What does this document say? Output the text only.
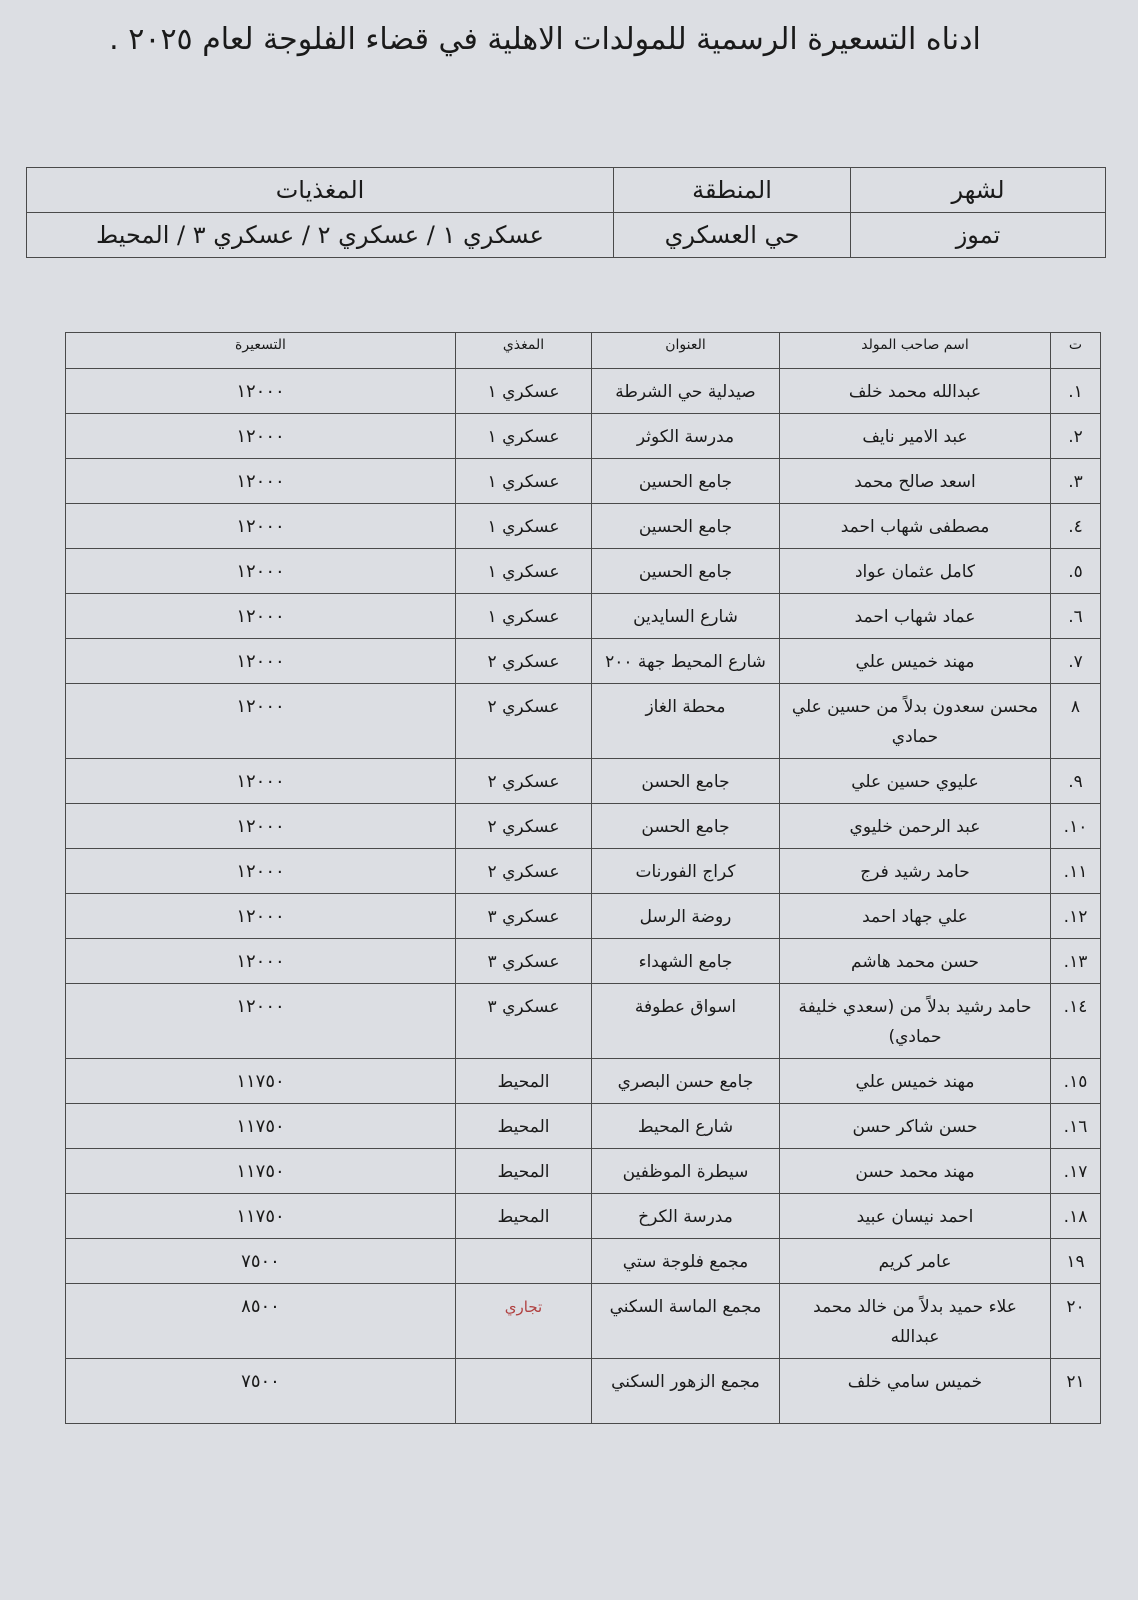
ادناه التسعيرة الرسمية للمولدات الاهلية في قضاء الفلوجة لعام ٢٠٢٥ .
لشهر	المنطقة	المغذيات
تموز	حي العسكري	عسكري ١ / عسكري ٢ / عسكري ٣ / المحيط
ت	اسم صاحب المولد	العنوان	المغذي	التسعيرة
١.	عبدالله محمد خلف	صيدلية حي الشرطة	عسكري ١	١٢٠٠٠
٢.	عبد الامير نايف	مدرسة الكوثر	عسكري ١	١٢٠٠٠
٣.	اسعد صالح محمد	جامع الحسين	عسكري ١	١٢٠٠٠
٤.	مصطفى شهاب احمد	جامع الحسين	عسكري ١	١٢٠٠٠
٥.	كامل عثمان عواد	جامع الحسين	عسكري ١	١٢٠٠٠
٦.	عماد شهاب احمد	شارع السايدين	عسكري ١	١٢٠٠٠
٧.	مهند خميس علي	شارع المحيط جهة ٢٠٠	عسكري ٢	١٢٠٠٠
٨	محسن سعدون بدلاً من حسين علي حمادي	محطة الغاز	عسكري ٢	١٢٠٠٠
٩.	عليوي حسين علي	جامع الحسن	عسكري ٢	١٢٠٠٠
١٠.	عبد الرحمن خليوي	جامع الحسن	عسكري ٢	١٢٠٠٠
١١.	حامد رشيد فرج	كراج الفورنات	عسكري ٢	١٢٠٠٠
١٢.	علي جهاد احمد	روضة الرسل	عسكري ٣	١٢٠٠٠
١٣.	حسن محمد هاشم	جامع الشهداء	عسكري ٣	١٢٠٠٠
١٤.	حامد رشيد بدلاً من (سعدي خليفة حمادي)	اسواق عطوفة	عسكري ٣	١٢٠٠٠
١٥.	مهند خميس علي	جامع حسن البصري	المحيط	١١٧٥٠
١٦.	حسن شاكر حسن	شارع المحيط	المحيط	١١٧٥٠
١٧.	مهند محمد حسن	سيطرة الموظفين	المحيط	١١٧٥٠
١٨.	احمد نيسان عبيد	مدرسة الكرخ	المحيط	١١٧٥٠
١٩	عامر كريم	مجمع فلوجة ستي		٧٥٠٠
٢٠	علاء حميد بدلاً من خالد محمد عبدالله	مجمع الماسة السكني	تجاري	٨٥٠٠
٢١	خميس سامي خلف	مجمع الزهور السكني		٧٥٠٠
